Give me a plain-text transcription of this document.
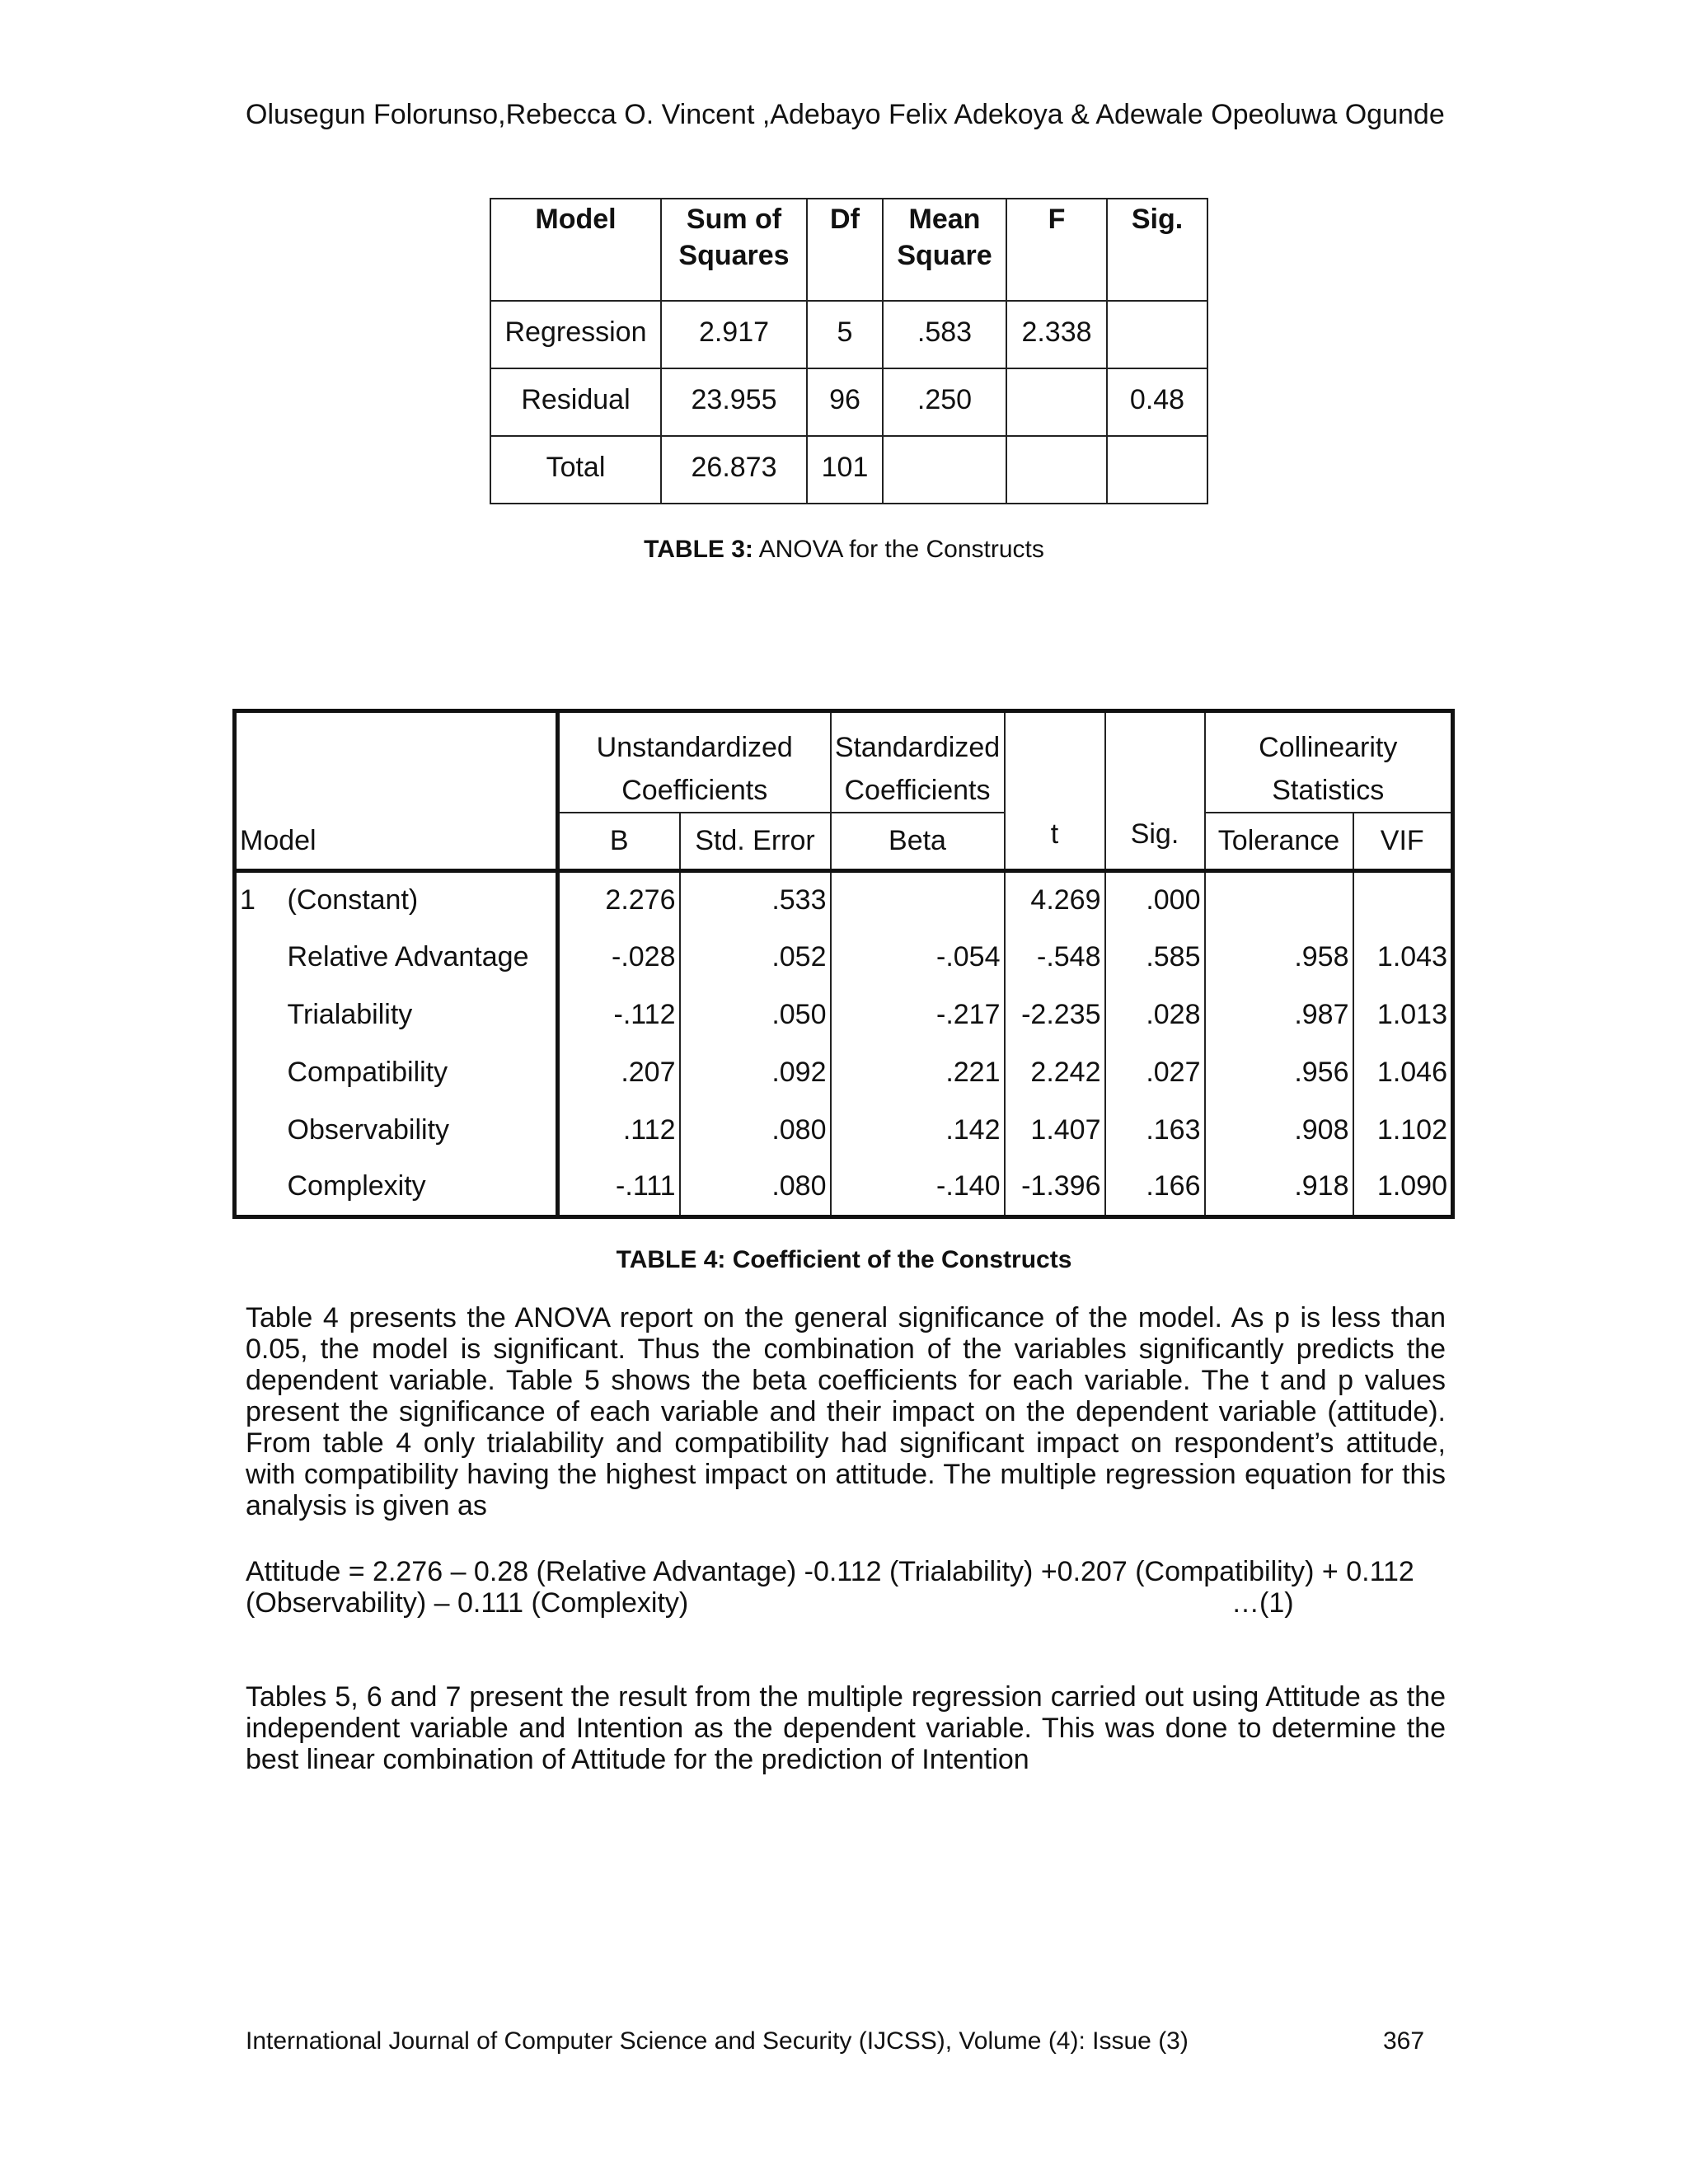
Olusegun Folorunso,Rebecca O. Vincent ,Adebayo Felix Adekoya & Adewale Opeoluwa Ogunde
Model	Sum of Squares	Df	Mean Square	F	Sig.
Regression	2.917	5	.583	2.338	
Residual	23.955	96	.250		0.48
Total	26.873	101			
TABLE 3: ANOVA for the Constructs
Model		Unstandardized Coefficients		Standardized Coefficients	t	Sig.	Collinearity Statistics	
		B	Std. Error	Beta			Tolerance	VIF
1	(Constant)	2.276	.533		4.269	.000		
	Relative Advantage	-.028	.052	-.054	-.548	.585	.958	1.043
	Trialability	-.112	.050	-.217	-2.235	.028	.987	1.013
	Compatibility	.207	.092	.221	2.242	.027	.956	1.046
	Observability	.112	.080	.142	1.407	.163	.908	1.102
	Complexity	-.111	.080	-.140	-1.396	.166	.918	1.090
TABLE 4: Coefficient of the Constructs
Table 4 presents the ANOVA report on the general significance of the model. As p is less than 0.05, the model is significant. Thus the combination of the variables significantly predicts the dependent variable. Table 5 shows the beta coefficients for each variable. The t and p values present the significance of each variable and their impact on the dependent variable (attitude). From table 4 only trialability and compatibility had significant impact on respondent’s attitude, with compatibility having the highest impact on attitude. The multiple regression equation for this analysis is given as
Attitude = 2.276 – 0.28 (Relative Advantage) -0.112 (Trialability) +0.207 (Compatibility) + 0.112
(Observability) – 0.111 (Complexity)	…(1)
Tables 5, 6 and 7 present the result from the multiple regression carried out using Attitude as the independent variable and Intention as the dependent variable. This was done to determine the best linear combination of Attitude for the prediction of Intention
International Journal of Computer Science and Security (IJCSS), Volume (4): Issue (3)	367
